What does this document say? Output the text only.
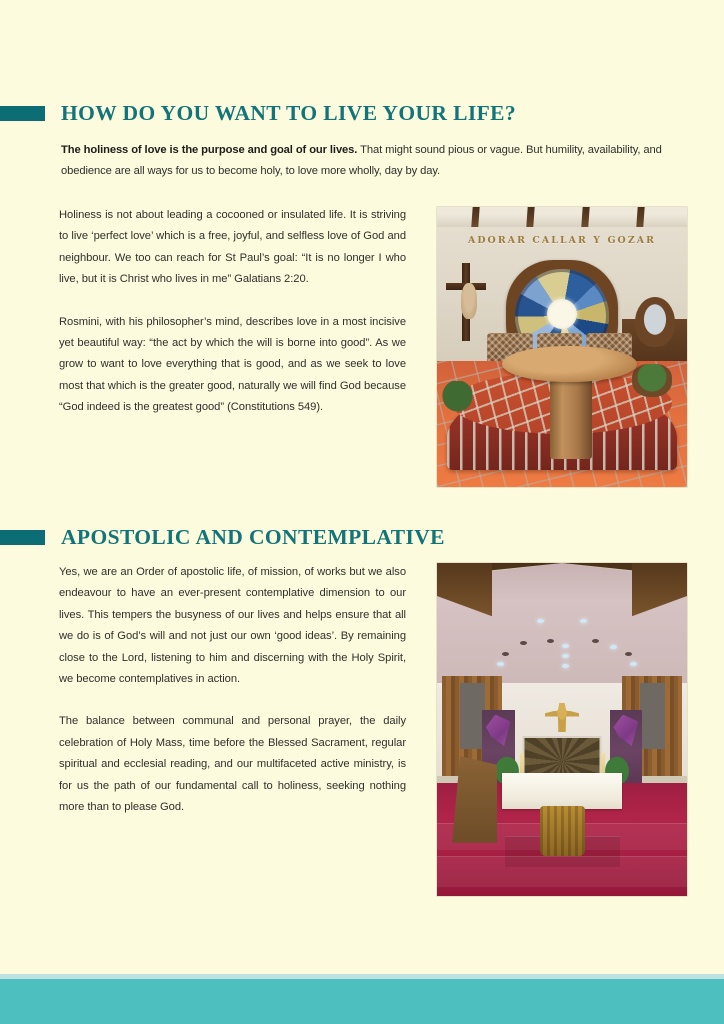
HOW DO YOU WANT TO LIVE YOUR LIFE?
The holiness of love is the purpose and goal of our lives. That might sound pious or vague. But humility, availability, and obedience are all ways for us to become holy, to love more wholly, day by day.

Holiness is not about leading a cocooned or insulated life. It is striving to live ‘perfect love’ which is a free, joyful, and selfless love of God and neighbour. We too can reach for St Paul’s goal: “It is no longer I who live, but it is Christ who lives in me” Galatians 2:20.

Rosmini, with his philosopher’s mind, describes love in a most incisive yet beautiful way: “the act by which the will is borne into good”. As we grow to want to love everything that is good, and as we seek to love most that which is the greater good, naturally we will find God because “God indeed is the greatest good” (Constitutions 549).

ADORAR CALLAR Y GOZAR
APOSTOLIC AND CONTEMPLATIVE

Yes, we are an Order of apostolic life, of mission, of works but we also endeavour to have an ever-present contemplative dimension to our lives. This tempers the busyness of our lives and helps ensure that all we do is of God’s will and not just our own ‘good ideas’. By remaining close to the Lord, listening to him and discerning with the Holy Spirit, we become contemplatives in action.

The balance between communal and personal prayer, the daily celebration of Holy Mass, time before the Blessed Sacrament, regular spiritual and ecclesial reading, and our multifaceted active ministry, is for us the path of our fundamental call to holiness, seeking nothing more than to please God.
